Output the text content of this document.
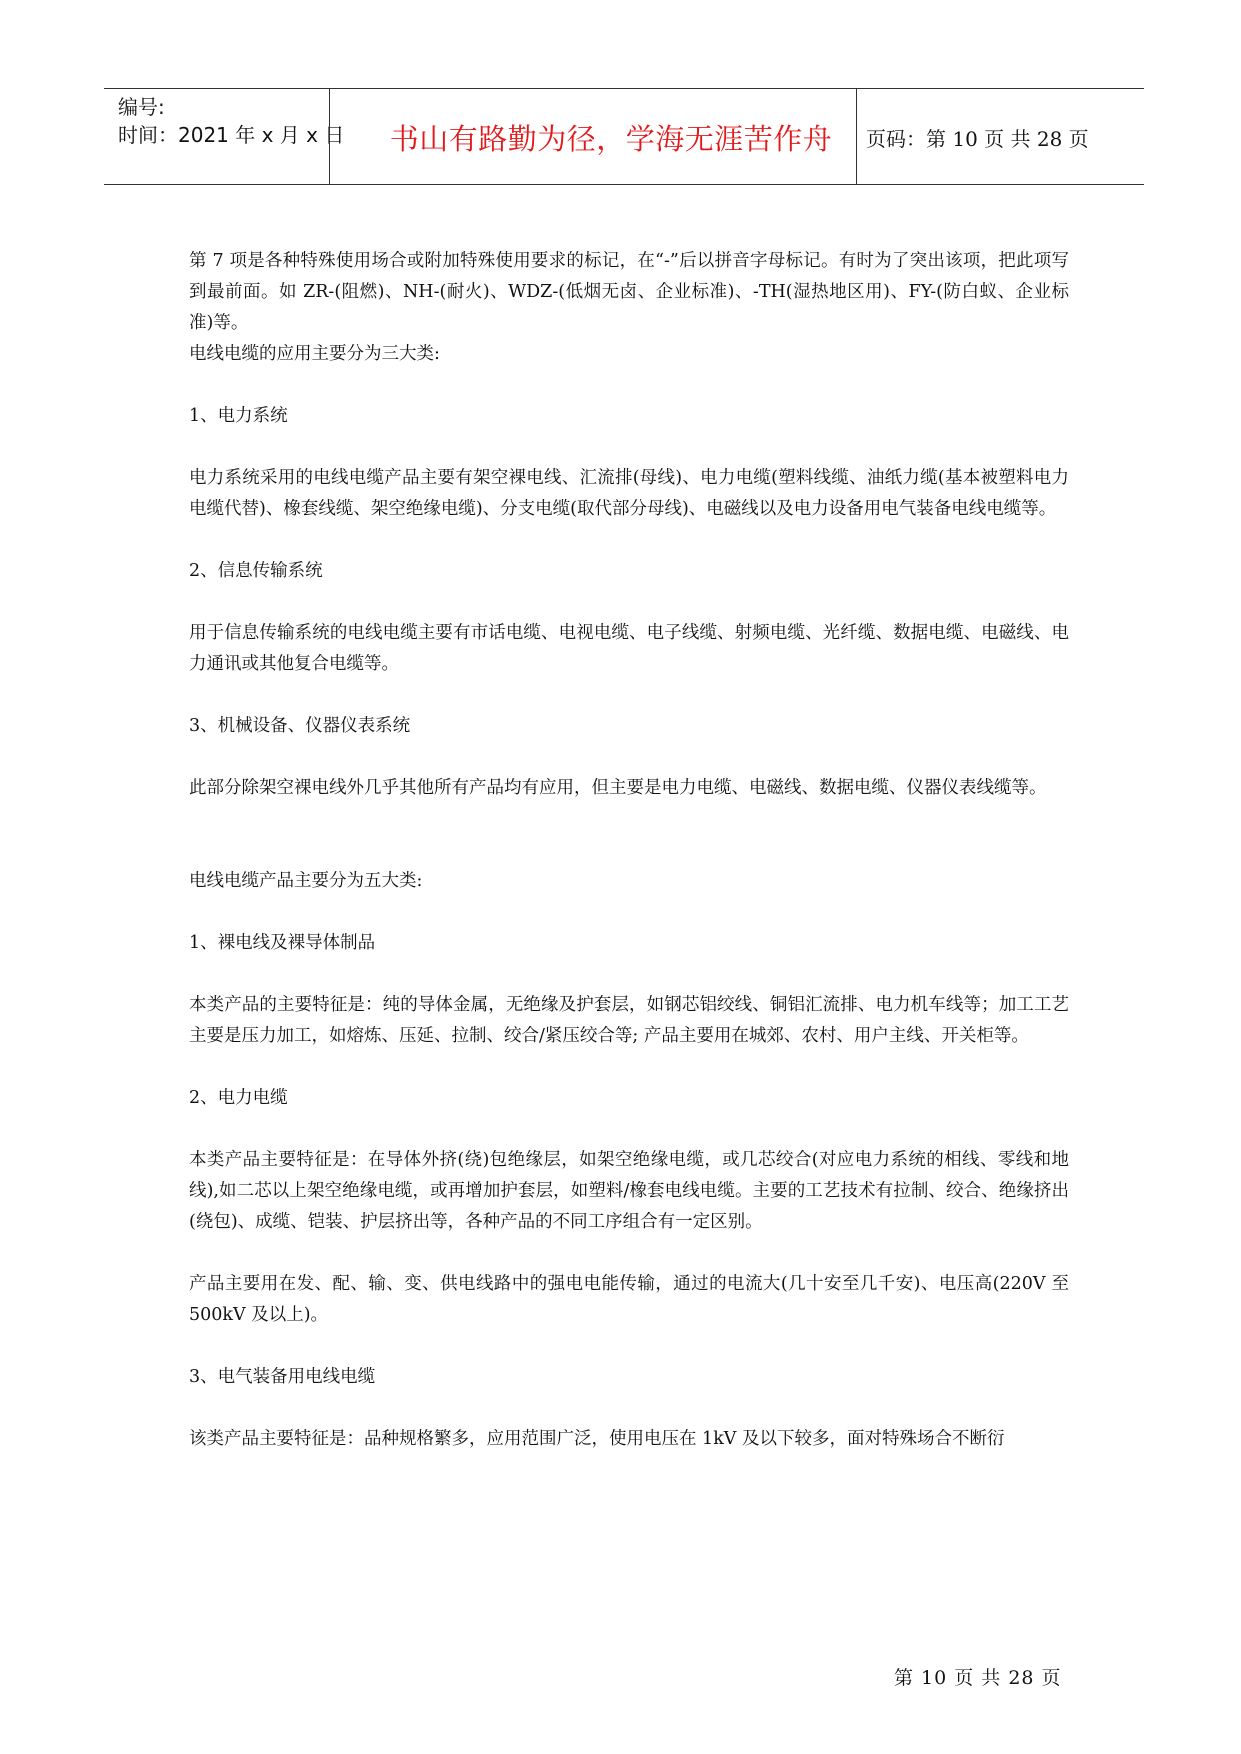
编号:
时间：2021 年 x 月 x 日	书山有路勤为径，学海无涯苦作舟	页码：第 10 页 共 28 页

第 7 项是各种特殊使用场合或附加特殊使用要求的标记，在“-”后以拼音字母标记。有时为了突出该项，把此项写到最前面。如 ZR-(阻燃)、NH-(耐火)、WDZ-(低烟无卤、企业标准)、-TH(湿热地区用)、FY-(防白蚁、企业标准)等。

电线电缆的应用主要分为三大类:

1、电力系统

电力系统采用的电线电缆产品主要有架空裸电线、汇流排(母线)、电力电缆(塑料线缆、油纸力缆(基本被塑料电力电缆代替)、橡套线缆、架空绝缘电缆)、分支电缆(取代部分母线)、电磁线以及电力设备用电气装备电线电缆等。

2、信息传输系统

用于信息传输系统的电线电缆主要有市话电缆、电视电缆、电子线缆、射频电缆、光纤缆、数据电缆、电磁线、电力通讯或其他复合电缆等。

3、机械设备、仪器仪表系统

此部分除架空裸电线外几乎其他所有产品均有应用，但主要是电力电缆、电磁线、数据电缆、仪器仪表线缆等。

电线电缆产品主要分为五大类:

1、裸电线及裸导体制品

本类产品的主要特征是：纯的导体金属，无绝缘及护套层，如钢芯铝绞线、铜铝汇流排、电力机车线等；加工工艺主要是压力加工，如熔炼、压延、拉制、绞合/紧压绞合等; 产品主要用在城郊、农村、用户主线、开关柜等。

2、电力电缆

本类产品主要特征是：在导体外挤(绕)包绝缘层，如架空绝缘电缆，或几芯绞合(对应电力系统的相线、零线和地线),如二芯以上架空绝缘电缆，或再增加护套层，如塑料/橡套电线电缆。主要的工艺技术有拉制、绞合、绝缘挤出(绕包)、成缆、铠装、护层挤出等，各种产品的不同工序组合有一定区别。

产品主要用在发、配、输、变、供电线路中的强电电能传输，通过的电流大(几十安至几千安)、电压高(220V 至 500kV 及以上)。

3、电气装备用电线电缆

该类产品主要特征是：品种规格繁多，应用范围广泛，使用电压在 1kV 及以下较多，面对特殊场合不断衍

第 10 页 共 28 页
